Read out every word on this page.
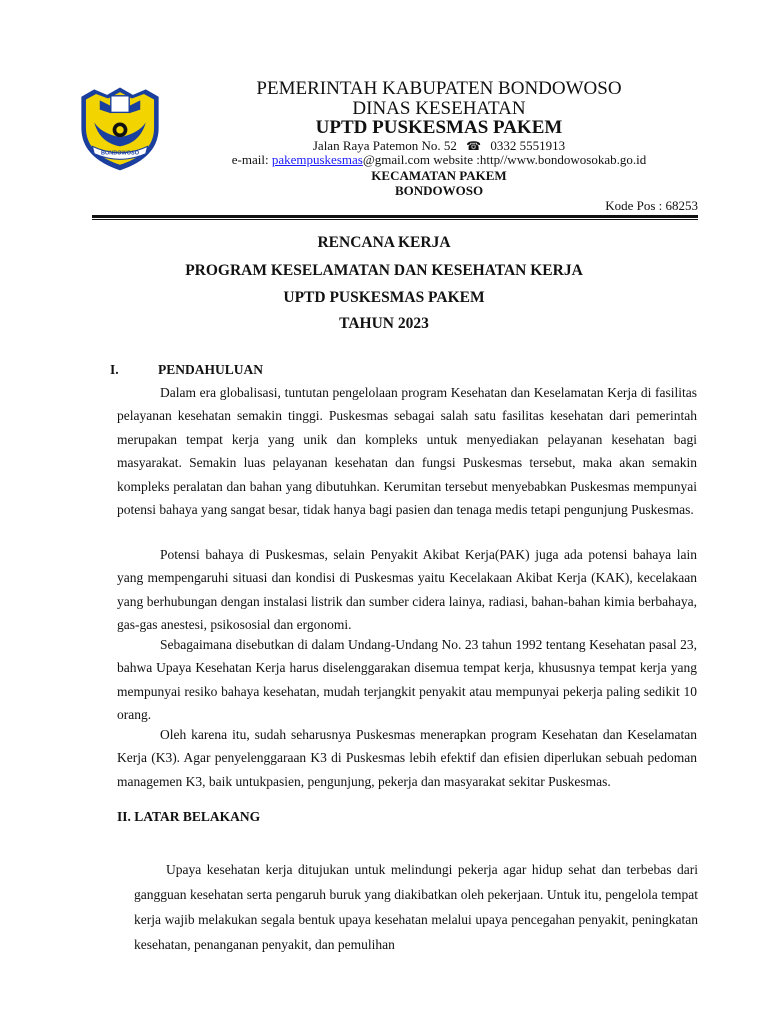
BONDOWOSO
PEMERINTAH KABUPATEN BONDOWOSO
DINAS KESEHATAN
UPTD PUSKESMAS PAKEM
Jalan Raya Patemon No. 52 ☎ 0332 5551913
e-mail: pakempuskesmas@gmail.com website :http//www.bondowosokab.go.id
KECAMATAN PAKEM
BONDOWOSO
Kode Pos : 68253
RENCANA KERJA
PROGRAM KESELAMATAN DAN KESEHATAN KERJA
UPTD PUSKESMAS PAKEM
TAHUN 2023
I.	PENDAHULUAN

Dalam era globalisasi, tuntutan pengelolaan program Kesehatan dan Keselamatan Kerja di fasilitas pelayanan kesehatan semakin tinggi. Puskesmas sebagai salah satu fasilitas kesehatan dari pemerintah merupakan tempat kerja yang unik dan kompleks untuk menyediakan pelayanan kesehatan bagi masyarakat. Semakin luas pelayanan kesehatan dan fungsi Puskesmas tersebut, maka akan semakin kompleks peralatan dan bahan yang dibutuhkan. Kerumitan tersebut menyebabkan Puskesmas mempunyai potensi bahaya yang sangat besar, tidak hanya bagi pasien dan tenaga medis tetapi pengunjung Puskesmas.

Potensi bahaya di Puskesmas, selain Penyakit Akibat Kerja(PAK) juga ada potensi bahaya lain yang mempengaruhi situasi dan kondisi di Puskesmas yaitu Kecelakaan Akibat Kerja (KAK), kecelakaan yang berhubungan dengan instalasi listrik dan sumber cidera lainya, radiasi, bahan-bahan kimia berbahaya, gas-gas anestesi, psikososial dan ergonomi.

Sebagaimana disebutkan di dalam Undang-Undang No. 23 tahun 1992 tentang Kesehatan pasal 23, bahwa Upaya Kesehatan Kerja harus diselenggarakan disemua tempat kerja, khususnya tempat kerja yang mempunyai resiko bahaya kesehatan, mudah terjangkit penyakit atau mempunyai pekerja paling sedikit 10 orang.

Oleh karena itu, sudah seharusnya Puskesmas menerapkan program Kesehatan dan Keselamatan Kerja (K3). Agar penyelenggaraan K3 di Puskesmas lebih efektif dan efisien diperlukan sebuah pedoman managemen K3, baik untukpasien, pengunjung, pekerja dan masyarakat sekitar Puskesmas.

II. LATAR BELAKANG

Upaya kesehatan kerja ditujukan untuk melindungi pekerja agar hidup sehat dan terbebas dari gangguan kesehatan serta pengaruh buruk yang diakibatkan oleh pekerjaan. Untuk itu, pengelola tempat kerja wajib melakukan segala bentuk upaya kesehatan melalui upaya pencegahan penyakit, peningkatan kesehatan, penanganan penyakit, dan pemulihan
